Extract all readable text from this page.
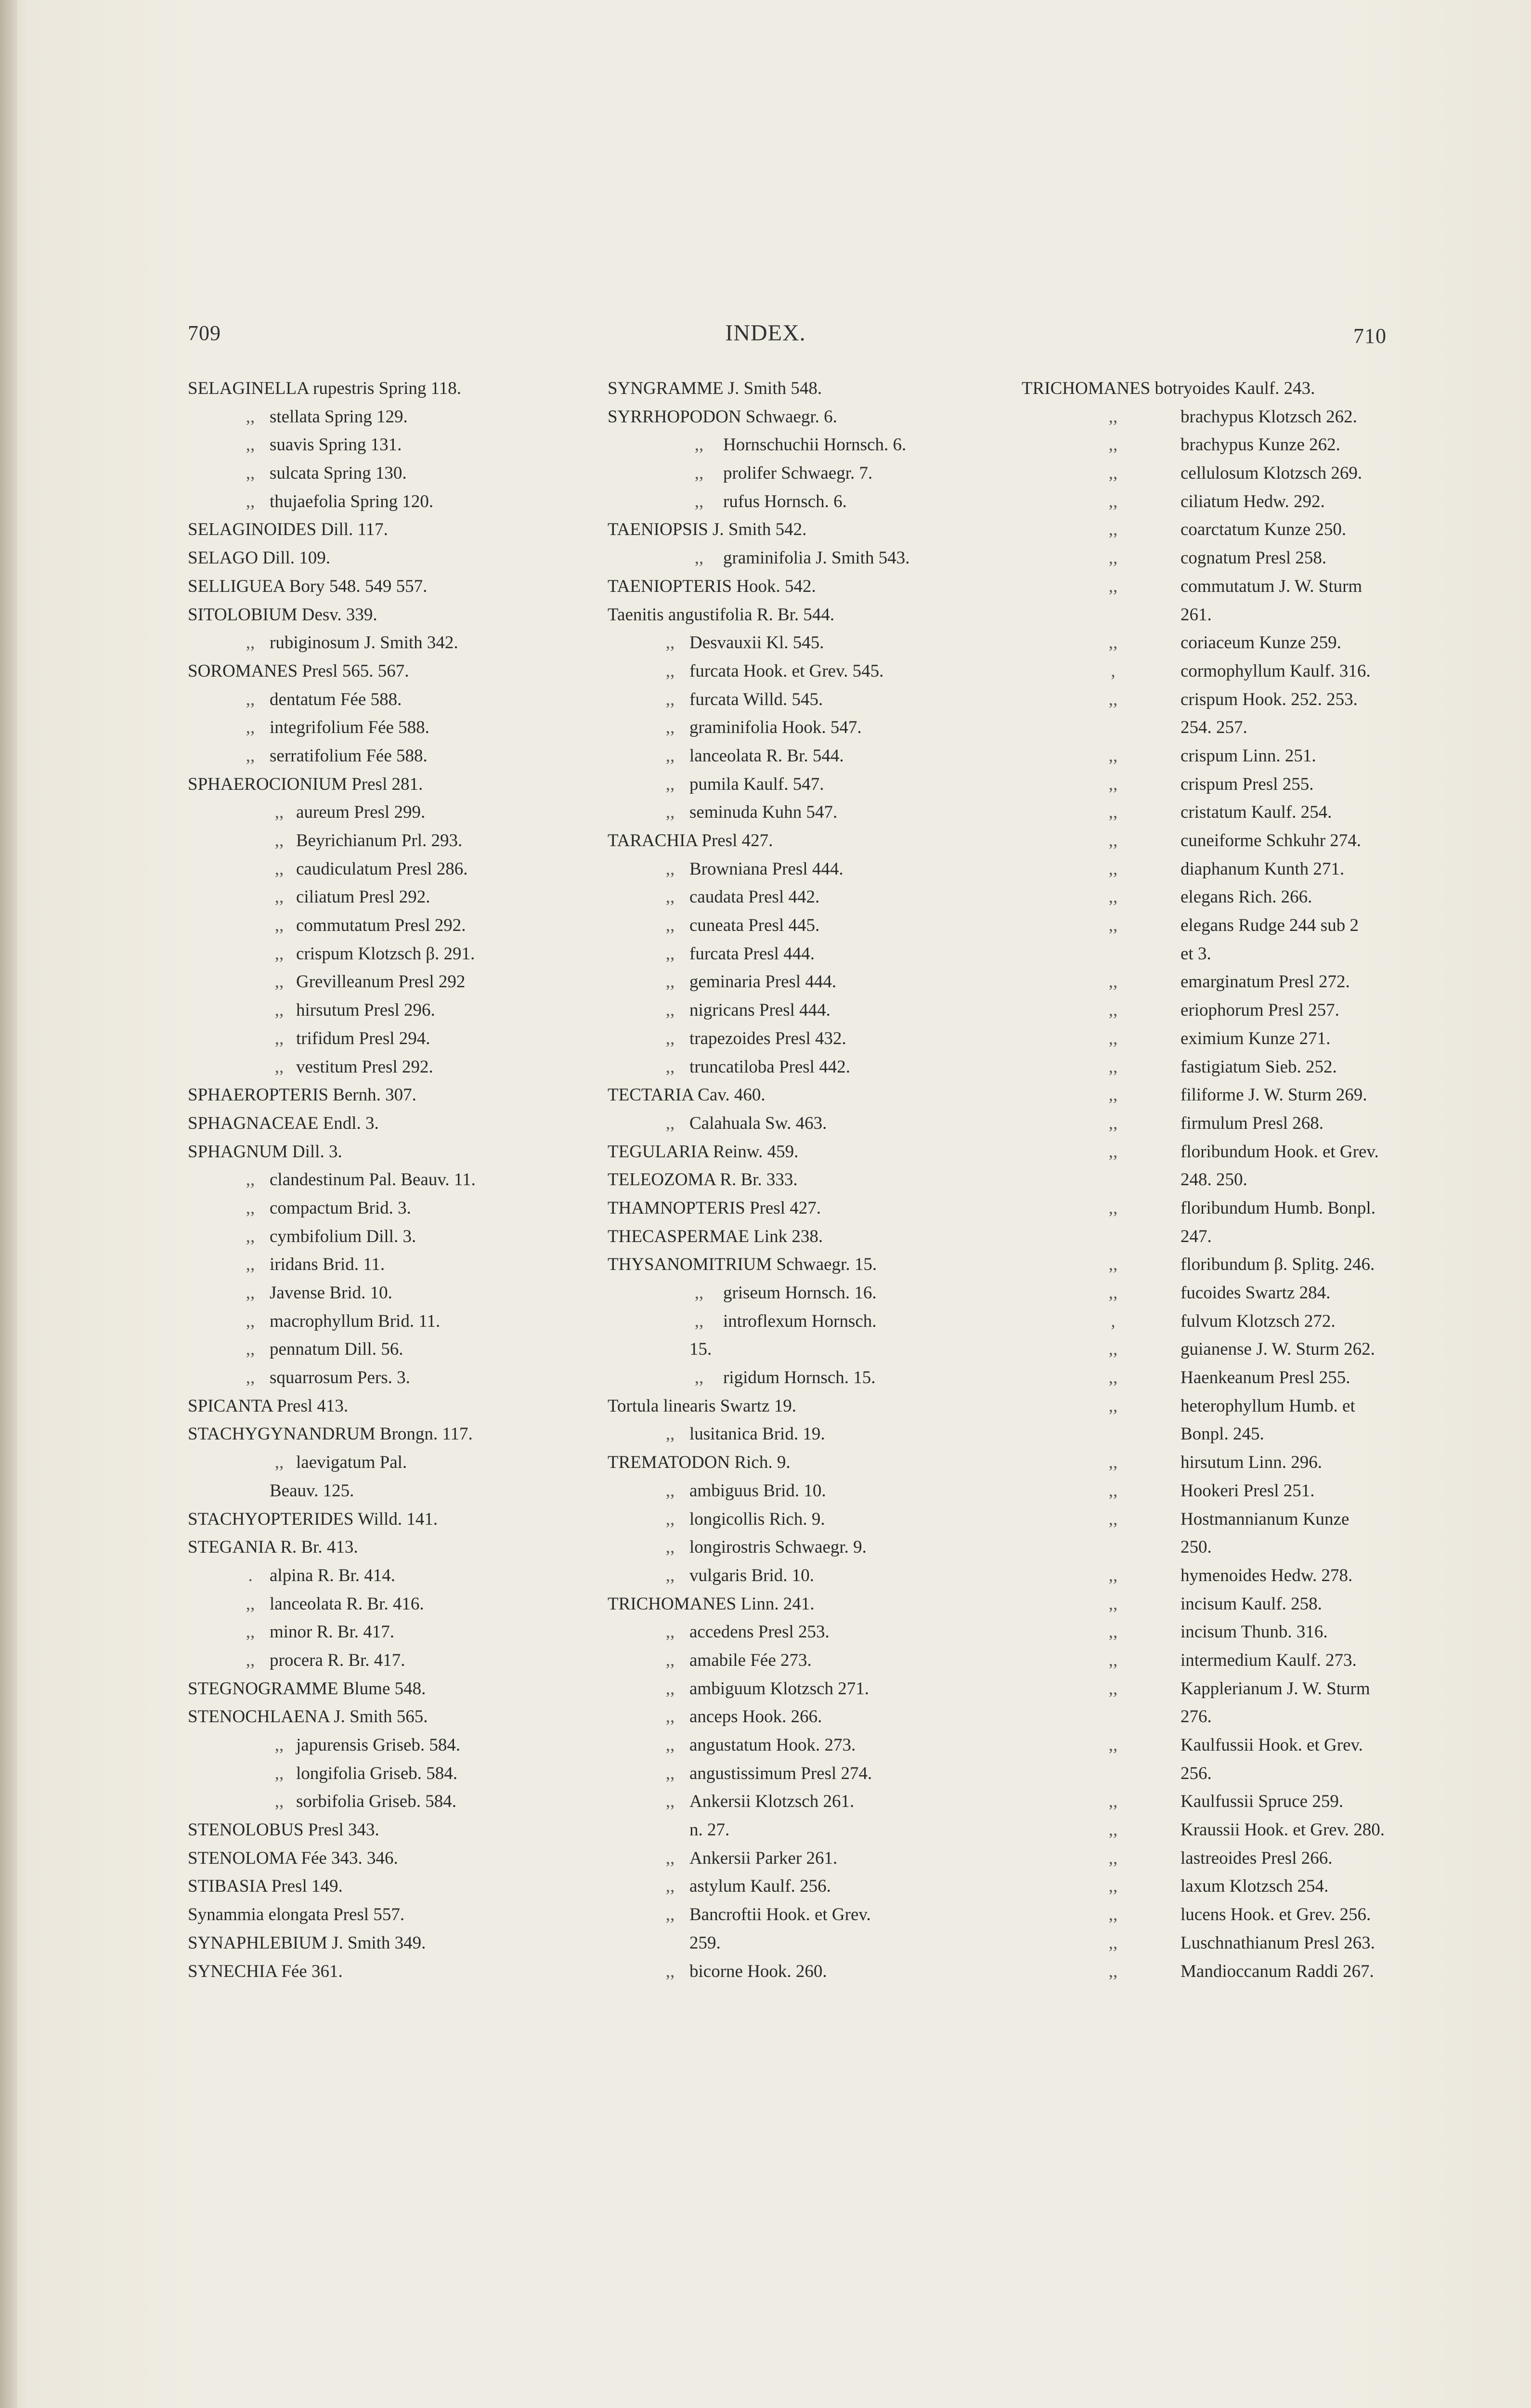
709	INDEX.	710
SELAGINELLA rupestris Spring 118.
,, stellata Spring 129.
,, suavis Spring 131.
,, sulcata Spring 130.
,, thujaefolia Spring 120.
SELAGINOIDES Dill. 117.
SELAGO Dill. 109.
SELLIGUEA Bory 548. 549 557.
SITOLOBIUM Desv. 339.
,, rubiginosum J. Smith 342.
SOROMANES Presl 565. 567.
,, dentatum Fée 588.
,, integrifolium Fée 588.
,, serratifolium Fée 588.
SPHAEROCIONIUM Presl 281.
,, aureum Presl 299.
,, Beyrichianum Prl. 293.
,, caudiculatum Presl 286.
,, ciliatum Presl 292.
,, commutatum Presl 292.
,, crispum Klotzsch β. 291.
,, Grevilleanum Presl 292
,, hirsutum Presl 296.
,, trifidum Presl 294.
,, vestitum Presl 292.
SPHAEROPTERIS Bernh. 307.
SPHAGNACEAE Endl. 3.
SPHAGNUM Dill. 3.
,, clandestinum Pal. Beauv. 11.
,, compactum Brid. 3.
,, cymbifolium Dill. 3.
,, iridans Brid. 11.
,, Javense Brid. 10.
,, macrophyllum Brid. 11.
,, pennatum Dill. 56.
,, squarrosum Pers. 3.
SPICANTA Presl 413.
STACHYGYNANDRUM Brongn. 117.
,, laevigatum Pal.
Beauv. 125.
STACHYOPTERIDES Willd. 141.
STEGANIA R. Br. 413.
. alpina R. Br. 414.
,, lanceolata R. Br. 416.
,, minor R. Br. 417.
,, procera R. Br. 417.
STEGNOGRAMME Blume 548.
STENOCHLAENA J. Smith 565.
,, japurensis Griseb. 584.
,, longifolia Griseb. 584.
,, sorbifolia Griseb. 584.
STENOLOBUS Presl 343.
STENOLOMA Fée 343. 346.
STIBASIA Presl 149.
Synammia elongata Presl 557.
SYNAPHLEBIUM J. Smith 349.
SYNECHIA Fée 361.
SYNGRAMME J. Smith 548.
SYRRHOPODON Schwaegr. 6.
,,	Hornschuchii Hornsch. 6.
,,	prolifer Schwaegr. 7.
,,	rufus Hornsch. 6.
TAENIOPSIS J. Smith 542.
,,	graminifolia J. Smith 543.
TAENIOPTERIS Hook. 542.
Taenitis angustifolia R. Br. 544.
,, Desvauxii Kl. 545.
,, furcata Hook. et Grev. 545.
,, furcata Willd. 545.
,, graminifolia Hook. 547.
,, lanceolata R. Br. 544.
,, pumila Kaulf. 547.
,, seminuda Kuhn 547.
TARACHIA Presl 427.
,, Browniana Presl 444.
,, caudata Presl 442.
,, cuneata Presl 445.
,, furcata Presl 444.
,, geminaria Presl 444.
,, nigricans Presl 444.
,, trapezoides Presl 432.
,, truncatiloba Presl 442.
TECTARIA Cav. 460.
,, Calahuala Sw. 463.
TEGULARIA Reinw. 459.
TELEOZOMA R. Br. 333.
THAMNOPTERIS Presl 427.
THECASPERMAE Link 238.
THYSANOMITRIUM Schwaegr. 15.
,,	griseum Hornsch. 16.
,,	introflexum Hornsch.
15.
,,	rigidum Hornsch. 15.
Tortula linearis Swartz 19.
,, lusitanica Brid. 19.
TREMATODON Rich. 9.
,, ambiguus Brid. 10.
,, longicollis Rich. 9.
,, longirostris Schwaegr. 9.
,, vulgaris Brid. 10.
TRICHOMANES Linn. 241.
,, accedens Presl 253.
,, amabile Fée 273.
,, ambiguum Klotzsch 271.
,, anceps Hook. 266.
,, angustatum Hook. 273.
,, angustissimum Presl 274.
,, Ankersii Klotzsch 261.
n. 27.
,, Ankersii Parker 261.
,, astylum Kaulf. 256.
,, Bancroftii Hook. et Grev.
259.
,, bicorne Hook. 260.
TRICHOMANES botryoides Kaulf. 243.
,,	brachypus Klotzsch 262.
,,	brachypus Kunze 262.
,,	cellulosum Klotzsch 269.
,,	ciliatum Hedw. 292.
,,	coarctatum Kunze 250.
,,	cognatum Presl 258.
,,	commutatum J. W. Sturm
261.
,,	coriaceum Kunze 259.
,	cormophyllum Kaulf. 316.
,,	crispum Hook. 252. 253.
254. 257.
,,	crispum Linn. 251.
,,	crispum Presl 255.
,,	cristatum Kaulf. 254.
,,	cuneiforme Schkuhr 274.
,,	diaphanum Kunth 271.
,,	elegans Rich. 266.
,,	elegans Rudge 244 sub 2
et 3.
,,	emarginatum Presl 272.
,,	eriophorum Presl 257.
,,	eximium Kunze 271.
,,	fastigiatum Sieb. 252.
,,	filiforme J. W. Sturm 269.
,,	firmulum Presl 268.
,,	floribundum Hook. et Grev.
248. 250.
,,	floribundum Humb. Bonpl.
247.
,,	floribundum β. Splitg. 246.
,,	fucoides Swartz 284.
,	fulvum Klotzsch 272.
,,	guianense J. W. Sturm 262.
,,	Haenkeanum Presl 255.
,,	heterophyllum Humb. et
Bonpl. 245.
,,	hirsutum Linn. 296.
,,	Hookeri Presl 251.
,,	Hostmannianum Kunze
250.
,,	hymenoides Hedw. 278.
,,	incisum Kaulf. 258.
,,	incisum Thunb. 316.
,,	intermedium Kaulf. 273.
,,	Kapplerianum J. W. Sturm
276.
,,	Kaulfussii Hook. et Grev.
256.
,,	Kaulfussii Spruce 259.
,,	Kraussii Hook. et Grev. 280.
,,	lastreoides Presl 266.
,,	laxum Klotzsch 254.
,,	lucens Hook. et Grev. 256.
,,	Luschnathianum Presl 263.
,,	Mandioccanum Raddi 267.
